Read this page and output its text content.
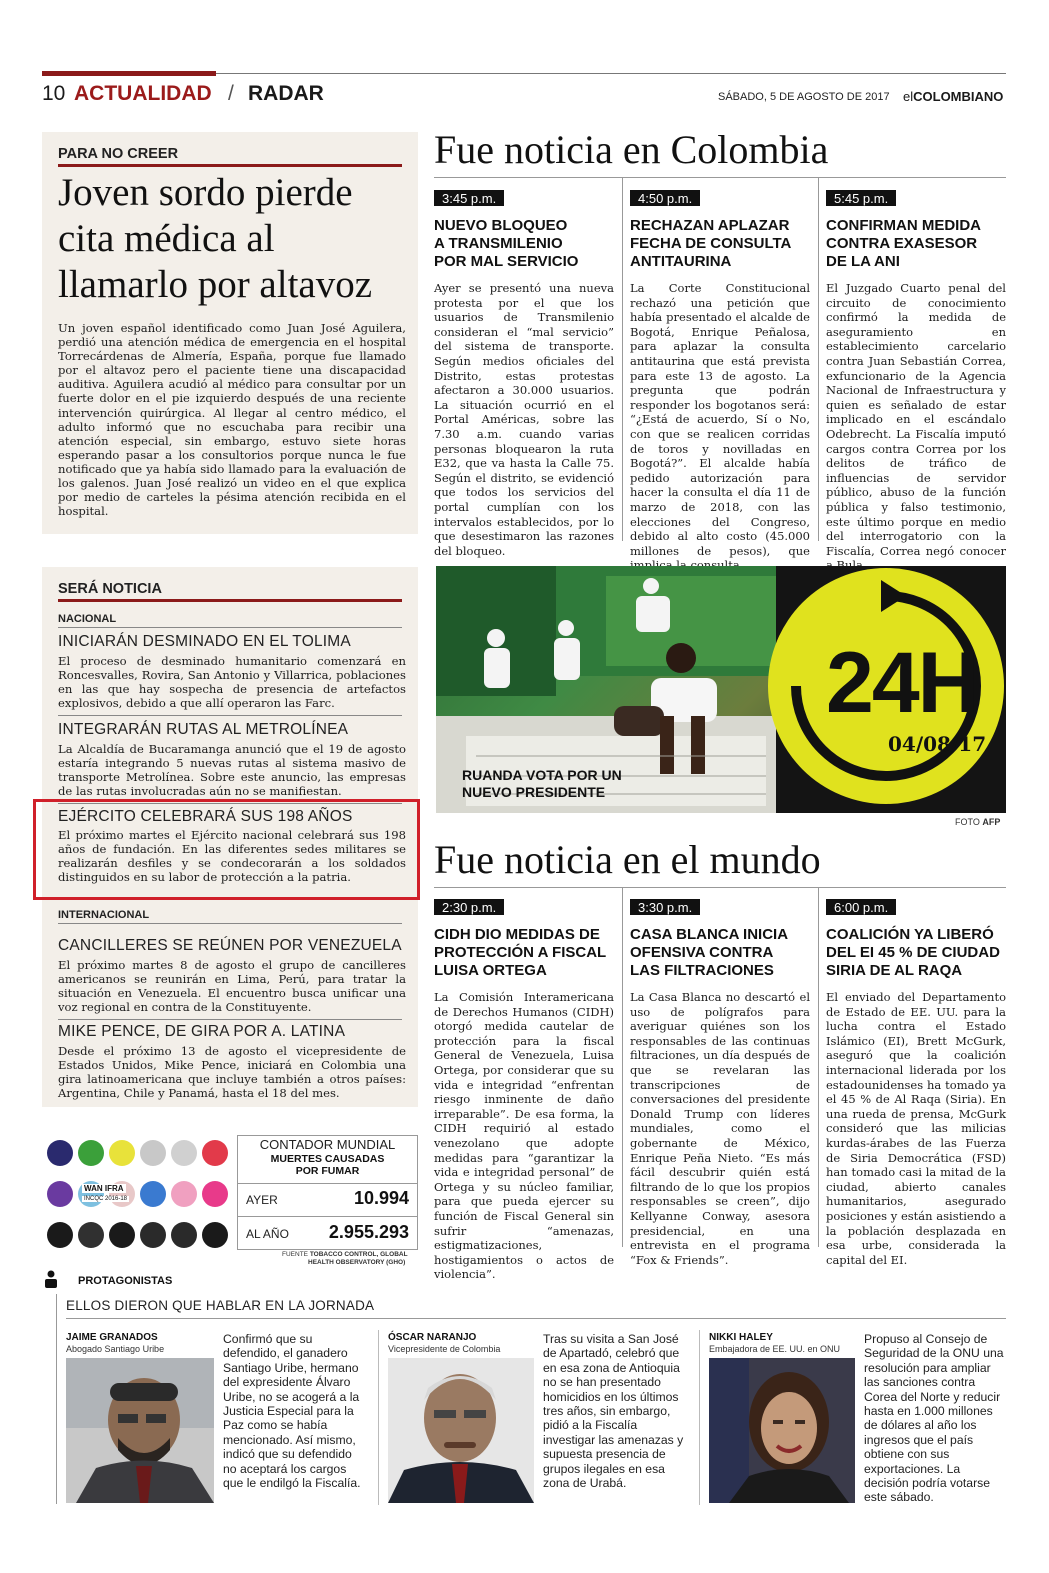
10 ACTUALIDAD / RADAR	SÁBADO, 5 DE AGOSTO DE 2017 elCOLOMBIANO
PARA NO CREER
Joven sordo pierde
cita médica al
llamarlo por altavoz
Un joven español identificado como Juan José Aguilera, perdió una atención médica de emergencia en el hospital Torrecárdenas de Almería, España, porque fue llamado por el altavoz pero el paciente tiene una discapacidad auditiva. Aguilera acudió al médico para consultar por un fuerte dolor en el pie izquierdo después de una reciente intervención quirúrgica. Al llegar al centro médico, el adulto informó que no escuchaba para recibir una atención especial, sin embargo, estuvo siete horas esperando pasar a los consultorios porque nunca le fue notificado que ya había sido llamado para la evaluación de los galenos. Juan José realizó un video en el que explica por medio de carteles la pésima atención recibida en el hospital.
Fue noticia en Colombia
3:45 p.m.
NUEVO BLOQUEO
A TRANSMILENIO
POR MAL SERVICIO
Ayer se presentó una nueva protesta por el que los usuarios de Transmilenio consideran el “mal servicio” del sistema de transporte. Según medios oficiales del Distrito, estas protestas afectaron a 30.000 usuarios. La situación ocurrió en el Portal Américas, sobre las 7.30 a.m. cuando varias personas bloquearon la ruta E32, que va hasta la Calle 75. Según el distrito, se evidenció que todos los servicios del portal cumplían con los intervalos establecidos, por lo que desestimaron las razones del bloqueo.
4:50 p.m.
RECHAZAN APLAZAR
FECHA DE CONSULTA
ANTITAURINA
La Corte Constitucional rechazó una petición que había presentado el alcalde de Bogotá, Enrique Peñalosa, para aplazar la consulta antitaurina que está prevista para este 13 de agosto. La pregunta que podrán responder los bogotanos será: “¿Está de acuerdo, Sí o No, con que se realicen corridas de toros y novilladas en Bogotá?”. El alcalde había pedido autorización para hacer la consulta el día 11 de marzo de 2018, con las elecciones del Congreso, debido al alto costo (45.000 millones de pesos), que
5:45 p.m.
CONFIRMAN MEDIDA
CONTRA EXASESOR
DE LA ANI
El Juzgado Cuarto penal del circuito de conocimiento confirmó la medida de aseguramiento en establecimiento carcelario contra Juan Sebastián Correa, exfuncionario de la Agencia Nacional de Infraestructura y quien es señalado de estar implicado en el escándalo Odebrecht. La Fiscalía imputó cargos contra Correa por los delitos de tráfico de influencias de servidor público, abuso de la función pública y falso testimonio, este último porque en medio del interrogatorio con la Fiscalía, Correa negó conocer
SERÁ NOTICIA
NACIONAL
INICIARÁN DESMINADO EN EL TOLIMA
El proceso de desminado humanitario comenzará en Roncesvalles, Rovira, San Antonio y Villarrica, poblaciones en las que hay sospecha de presencia de artefactos explosivos, debido a que allí operaron las Farc.
INTEGRARÁN RUTAS AL METROLÍNEA
La Alcaldía de Bucaramanga anunció que el 19 de agosto estaría integrando 5 nuevas rutas al sistema masivo de transporte Metrolínea. Sobre este anuncio, las empresas de las rutas involucradas aún no se manifiestan.
EJÉRCITO CELEBRARÁ SUS 198 AÑOS
El próximo martes el Ejército nacional celebrará sus 198 años de fundación. En las diferentes sedes militares se realizarán desfiles y se condecorarán a los soldados distinguidos en su labor de protección a la patria.
INTERNACIONAL
CANCILLERES SE REÚNEN POR VENEZUELA
El próximo martes 8 de agosto el grupo de cancilleres americanos se reunirán en Lima, Perú, para tratar la situación en Venezuela. El encuentro busca unificar una voz regional en contra de la Constituyente.
MIKE PENCE, DE GIRA POR A. LATINA
Desde el próximo 13 de agosto el vicepresidente de Estados Unidos, Mike Pence, iniciará en Colombia una gira latinoamericana que incluye también a otros países: Argentina, Chile y Panamá, hasta el 18 del mes.
24H
04/08/17
RUANDA VOTA POR UN
NUEVO PRESIDENTE
FOTO AFP
Fue noticia en el mundo
2:30 p.m.
CIDH DIO MEDIDAS DE
PROTECCIÓN A FISCAL
LUISA ORTEGA
La Comisión Interamericana de Derechos Humanos (CIDH) otorgó medida cautelar de protección para la fiscal General de Venezuela, Luisa Ortega, por considerar que su vida e integridad “enfrentan riesgo inminente de daño irreparable”. De esa forma, la CIDH requirió al estado venezolano que adopte medidas para “garantizar la vida e integridad personal” de Ortega y su núcleo familiar, para que pueda ejercer su función de Fiscal General sin sufrir “amenazas, estigmatizaciones, hostigamientos o actos de violencia”.
3:30 p.m.
CASA BLANCA INICIA
OFENSIVA CONTRA
LAS FILTRACIONES
La Casa Blanca no descartó el uso de polígrafos para averiguar quiénes son los responsables de las continuas filtraciones, un día después de que se revelaran las transcripciones de conversaciones del presidente Donald Trump con líderes mundiales, como el gobernante de México, Enrique Peña Nieto. “Es más fácil descubrir quién está filtrando de lo que los propios responsables se creen”, dijo Kellyanne Conway, asesora presidencial, en una entrevista en el programa “Fox & Friends”.
6:00 p.m.
COALICIÓN YA LIBERÓ
DEL EI 45 % DE CIUDAD
SIRIA DE AL RAQA
El enviado del Departamento de Estado de EE. UU. para la lucha contra el Estado Islámico (EI), Brett McGurk, aseguró que la coalición internacional liderada por los estadounidenses ha tomado ya el 45 % de Al Raqa (Siria). En una rueda de prensa, McGurk consideró que las milicias kurdas-árabes de las Fuerza de Siria Democrática (FSD) han tomado casi la mitad de la ciudad, abierto canales humanitarios, asegurado posiciones y están asistiendo a la población desplazada en esa urbe, considerada la capital del EI.
WAN IFRA
INCQC 2016-18
CONTADOR MUNDIAL
MUERTES CAUSADAS
POR FUMAR
AYER	10.994
AL AÑO 2.955.293
FUENTE TOBACCO CONTROL, GLOBAL
HEALTH OBSERVATORY (GHO)
PROTAGONISTAS
ELLOS DIERON QUE HABLAR EN LA JORNADA
JAIME GRANADOS
Abogado Santiago Uribe
Confirmó que su defendido, el ganadero Santiago Uribe, hermano del expresidente Álvaro Uribe, no se acogerá a la Justicia Especial para la Paz como se había mencionado. Así mismo, indicó que su defendido no aceptará los cargos que le endilgó la Fiscalía.
ÓSCAR NARANJO
Vicepresidente de Colombia
Tras su visita a San José de Apartadó, celebró que en esa zona de Antioquia no se han presentado homicidios en los últimos tres años, sin embargo, pidió a la Fiscalía investigar las amenazas y supuesta presencia de grupos ilegales en esa zona de Urabá.
NIKKI HALEY
Embajadora de EE. UU. en ONU
Propuso al Consejo de Seguridad de la ONU una resolución para ampliar las sanciones contra Corea del Norte y reducir hasta en 1.000 millones de dólares al año los ingresos que el país obtiene con sus exportaciones. La decisión podría votarse este sábado.
